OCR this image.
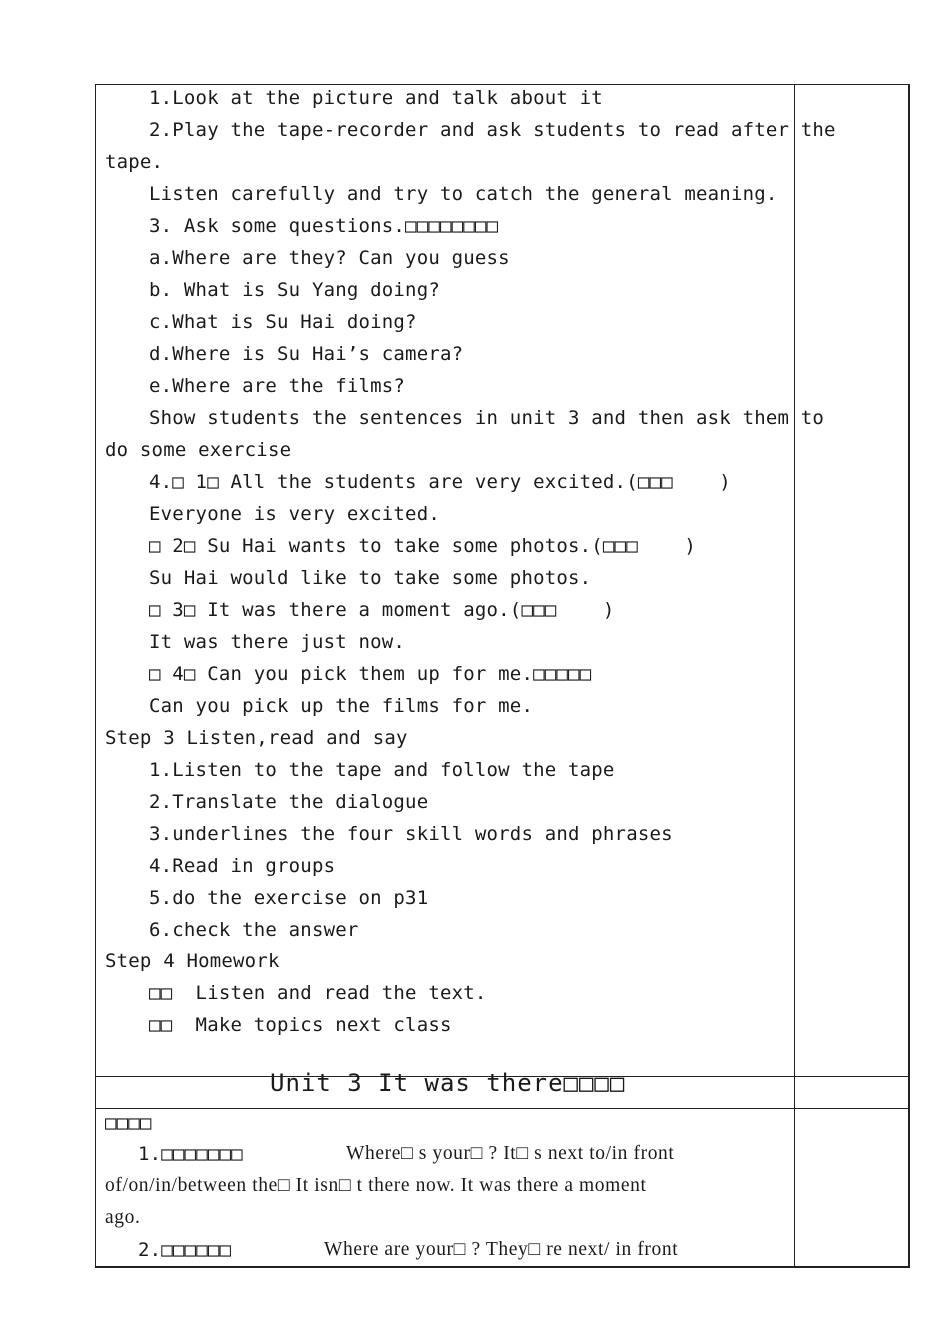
1.Look at the picture and talk about it
2.Play the tape-recorder and ask students to read after the
tape.
Listen carefully and try to catch the general meaning.
3. Ask some questions.□□□□□□□□
a.Where are they? Can you guess
b. What is Su Yang doing?
c.What is Su Hai doing?
d.Where is Su Hai’s camera?
e.Where are the films?
Show students the sentences in unit 3 and then ask them to
do some exercise
4.□ 1□ All the students are very excited.(□□□    )
Everyone is very excited.
□ 2□ Su Hai wants to take some photos.(□□□    )
Su Hai would like to take some photos.
□ 3□ It was there a moment ago.(□□□    )
It was there just now.
□ 4□ Can you pick them up for me.□□□□□
Can you pick up the films for me.
Step 3 Listen,read and say
1.Listen to the tape and follow the tape
2.Translate the dialogue
3.underlines the four skill words and phrases
4.Read in groups
5.do the exercise on p31
6.check the answer
Step 4 Homework
□□  Listen and read the text.
□□  Make topics next class
Unit 3 It was there□□□□
□□□□
1.□□□□□□□	Where□ s your□ ? It□ s next to/in front
of/on/in/between the□ It isn□ t there now. It was there a moment
ago.
2.□□□□□□	Where are your□ ? They□ re next/ in front
